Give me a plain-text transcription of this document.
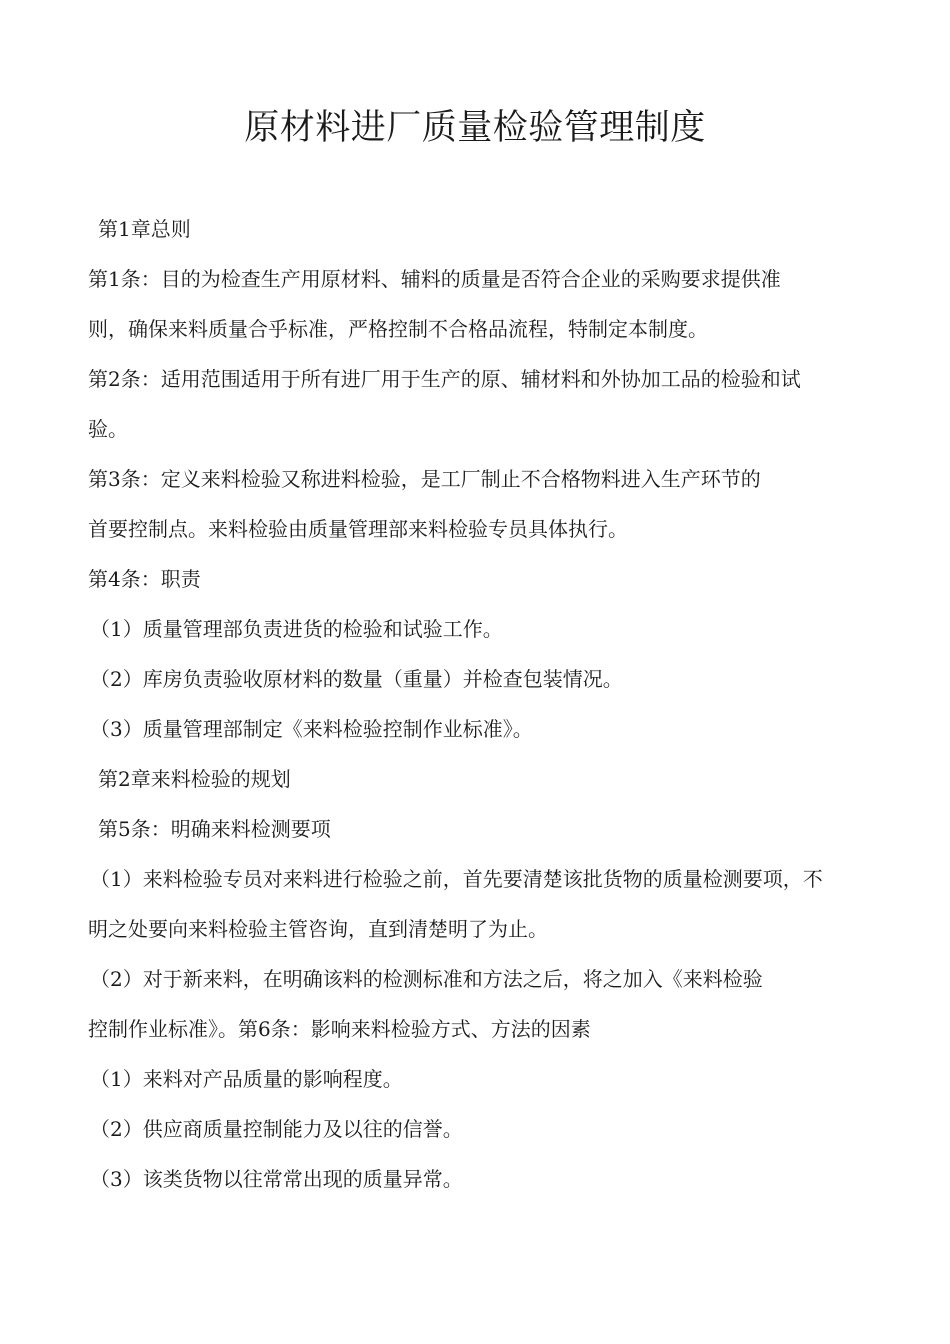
原材料进厂质量检验管理制度
第1章总则
第1条：目的为检查生产用原材料、辅料的质量是否符合企业的采购要求提供准
则，确保来料质量合乎标准，严格控制不合格品流程，特制定本制度。
第2条：适用范围适用于所有进厂用于生产的原、辅材料和外协加工品的检验和试
验。
第3条：定义来料检验又称进料检验，是工厂制止不合格物料进入生产环节的
首要控制点。来料检验由质量管理部来料检验专员具体执行。
第4条：职责
（1）质量管理部负责进货的检验和试验工作。
（2）库房负责验收原材料的数量（重量）并检查包装情况。
（3）质量管理部制定《来料检验控制作业标准》。
第2章来料检验的规划
第5条：明确来料检测要项
（1）来料检验专员对来料进行检验之前，首先要清楚该批货物的质量检测要项，不
明之处要向来料检验主管咨询，直到清楚明了为止。
（2）对于新来料，在明确该料的检测标准和方法之后，将之加入《来料检验
控制作业标准》。第6条：影响来料检验方式、方法的因素
（1）来料对产品质量的影响程度。
（2）供应商质量控制能力及以往的信誉。
（3）该类货物以往常常出现的质量异常。
